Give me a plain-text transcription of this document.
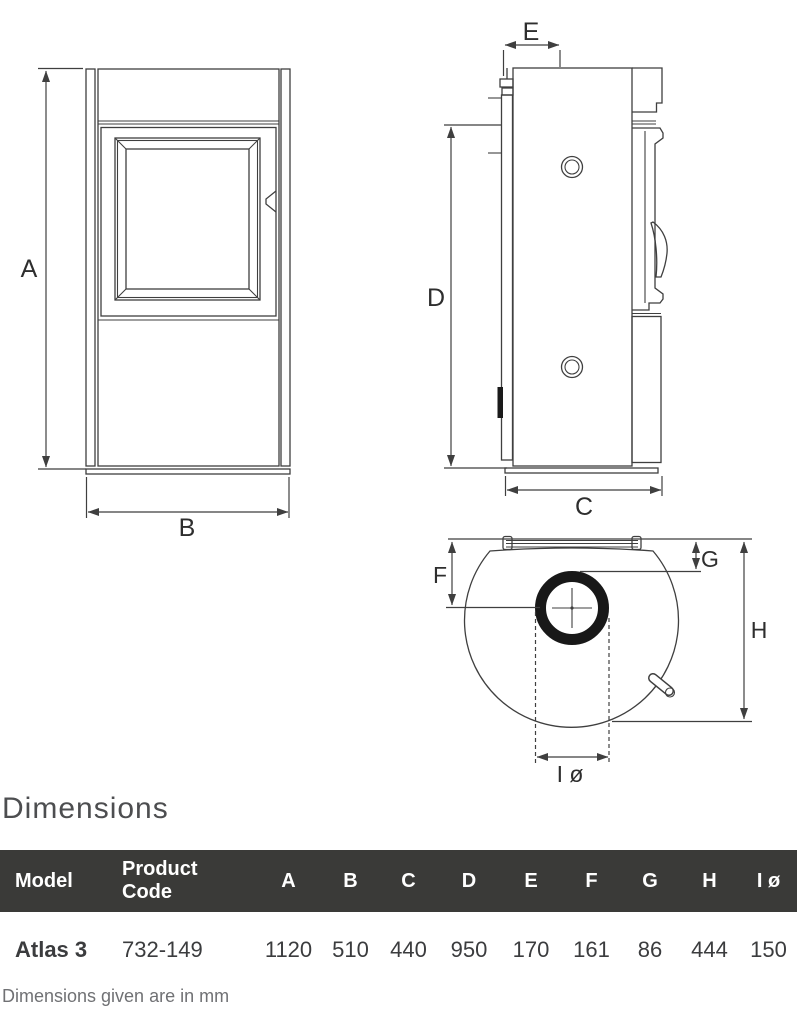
A
B
E
D
C
F
G
H
I ø
Dimensions
Model	Product Code	A	B	C	D	E	F	G	H	I ø
Atlas 3	732-149	1120	510	440	950	170	161	86	444	150
Dimensions given are in mm
